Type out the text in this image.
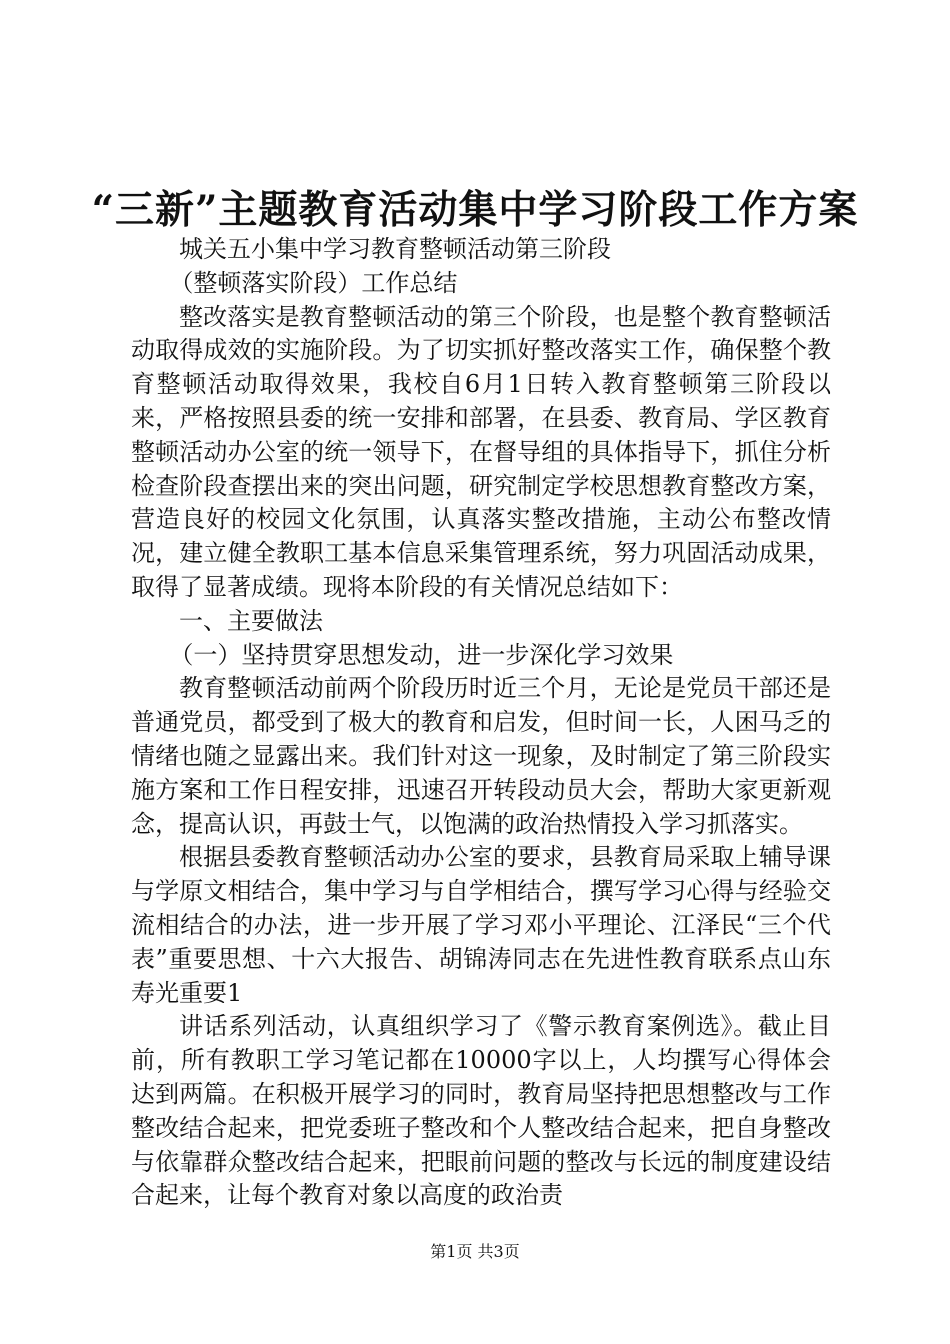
“三新”主题教育活动集中学习阶段工作方案

城关五小集中学习教育整顿活动第三阶段

（整顿落实阶段）工作总结

整改落实是教育整顿活动的第三个阶段，也是整个教育整顿活动取得成效的实施阶段。为了切实抓好整改落实工作，确保整个教育整顿活动取得效果，我校自6月1日转入教育整顿第三阶段以来，严格按照县委的统一安排和部署，在县委、教育局、学区教育整顿活动办公室的统一领导下，在督导组的具体指导下，抓住分析检查阶段查摆出来的突出问题，研究制定学校思想教育整改方案，营造良好的校园文化氛围，认真落实整改措施，主动公布整改情况，建立健全教职工基本信息采集管理系统，努力巩固活动成果，取得了显著成绩。现将本阶段的有关情况总结如下：

一、主要做法

（一）坚持贯穿思想发动，进一步深化学习效果

教育整顿活动前两个阶段历时近三个月，无论是党员干部还是普通党员，都受到了极大的教育和启发，但时间一长，人困马乏的情绪也随之显露出来。我们针对这一现象，及时制定了第三阶段实施方案和工作日程安排，迅速召开转段动员大会，帮助大家更新观念，提高认识，再鼓士气，以饱满的政治热情投入学习抓落实。

根据县委教育整顿活动办公室的要求，县教育局采取上辅导课与学原文相结合，集中学习与自学相结合，撰写学习心得与经验交流相结合的办法，进一步开展了学习邓小平理论、江泽民“三个代表”重要思想、十六大报告、胡锦涛同志在先进性教育联系点山东寿光重要1

讲话系列活动，认真组织学习了《警示教育案例选》。截止目前，所有教职工学习笔记都在10000字以上，人均撰写心得体会达到两篇。在积极开展学习的同时，教育局坚持把思想整改与工作整改结合起来，把党委班子整改和个人整改结合起来，把自身整改与依靠群众整改结合起来，把眼前问题的整改与长远的制度建设结合起来，让每个教育对象以高度的政治责

第1页 共3页
